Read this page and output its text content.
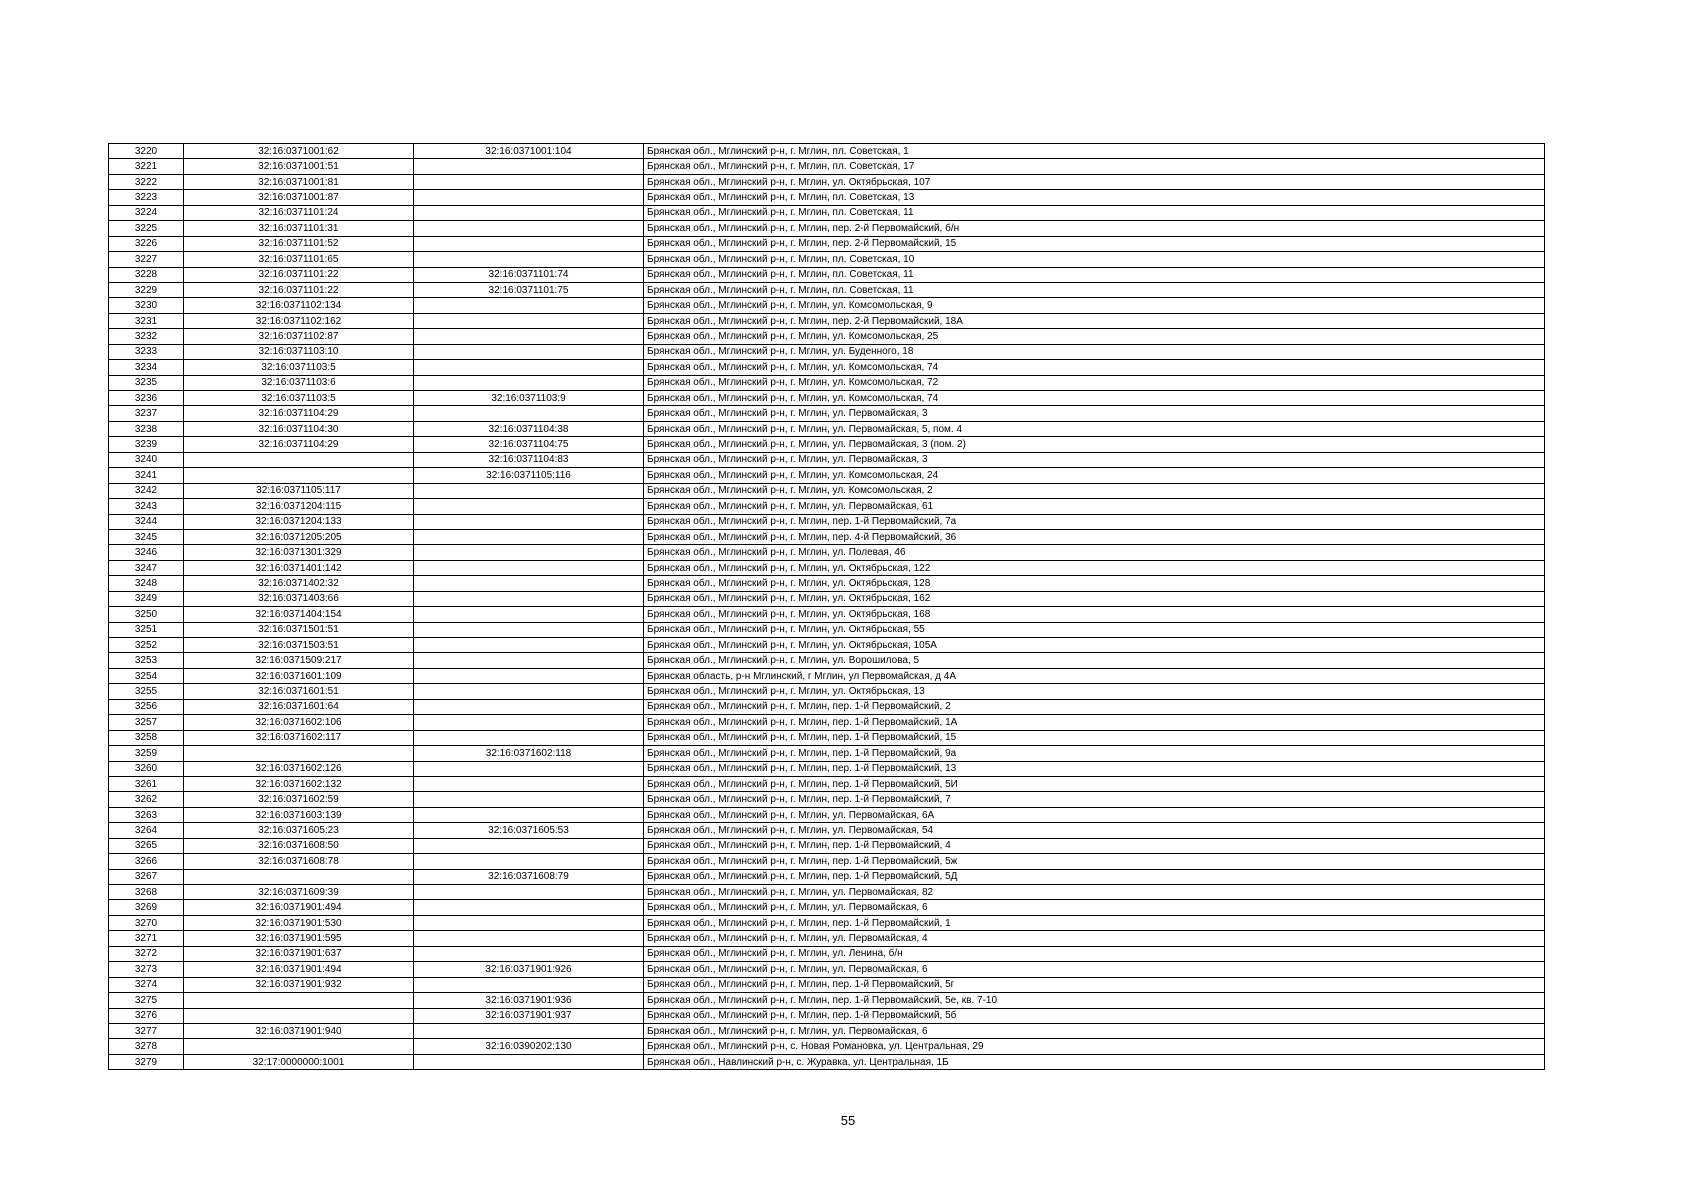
3220	32:16:0371001:62	32:16:0371001:104	Брянская обл., Мглинский р-н, г. Мглин, пл. Советская, 1
3221	32:16:0371001:51		Брянская обл., Мглинский р-н, г. Мглин, пл. Советская, 17
3222	32:16:0371001:81		Брянская обл., Мглинский р-н, г. Мглин, ул. Октябрьская, 107
3223	32:16:0371001:87		Брянская обл., Мглинский р-н, г. Мглин, пл. Советская, 13
3224	32:16:0371101:24		Брянская обл., Мглинский р-н, г. Мглин, пл. Советская, 11
3225	32:16:0371101:31		Брянская обл., Мглинский р-н, г. Мглин, пер. 2-й Первомайский, б/н
3226	32:16:0371101:52		Брянская обл., Мглинский р-н, г. Мглин, пер. 2-й Первомайский, 15
3227	32:16:0371101:65		Брянская обл., Мглинский р-н, г. Мглин, пл. Советская, 10
3228	32:16:0371101:22	32:16:0371101:74	Брянская обл., Мглинский р-н, г. Мглин, пл. Советская, 11
3229	32:16:0371101:22	32:16:0371101:75	Брянская обл., Мглинский р-н, г. Мглин, пл. Советская, 11
3230	32:16:0371102:134		Брянская обл., Мглинский р-н, г. Мглин, ул. Комсомольская, 9
3231	32:16:0371102:162		Брянская обл., Мглинский р-н, г. Мглин, пер. 2-й Первомайский, 18А
3232	32:16:0371102:87		Брянская обл., Мглинский р-н, г. Мглин, ул. Комсомольская, 25
3233	32:16:0371103:10		Брянская обл., Мглинский р-н, г. Мглин, ул. Буденного, 18
3234	32:16:0371103:5		Брянская обл., Мглинский р-н, г. Мглин, ул. Комсомольская, 74
3235	32:16:0371103:6		Брянская обл., Мглинский р-н, г. Мглин, ул. Комсомольская, 72
3236	32:16:0371103:5	32:16:0371103:9	Брянская обл., Мглинский р-н, г. Мглин, ул. Комсомольская, 74
3237	32:16:0371104:29		Брянская обл., Мглинский р-н, г. Мглин, ул. Первомайская, 3
3238	32:16:0371104:30	32:16:0371104:38	Брянская обл., Мглинский р-н, г. Мглин, ул. Первомайская, 5, пом. 4
3239	32:16:0371104:29	32:16:0371104:75	Брянская обл., Мглинский р-н, г. Мглин, ул. Первомайская, 3 (пом. 2)
3240		32:16:0371104:83	Брянская обл., Мглинский р-н, г. Мглин, ул. Первомайская, 3
3241		32:16:0371105:116	Брянская обл., Мглинский р-н, г. Мглин, ул. Комсомольская, 24
3242	32:16:0371105:117		Брянская обл., Мглинский р-н, г. Мглин, ул. Комсомольская, 2
3243	32:16:0371204:115		Брянская обл., Мглинский р-н, г. Мглин, ул. Первомайская, 61
3244	32:16:0371204:133		Брянская обл., Мглинский р-н, г. Мглин, пер. 1-й Первомайский, 7а
3245	32:16:0371205:205		Брянская обл., Мглинский р-н, г. Мглин, пер. 4-й Первомайский, 36
3246	32:16:0371301:329		Брянская обл., Мглинский р-н, г. Мглин, ул. Полевая, 46
3247	32:16:0371401:142		Брянская обл., Мглинский р-н, г. Мглин, ул. Октябрьская, 122
3248	32:16:0371402:32		Брянская обл., Мглинский р-н, г. Мглин, ул. Октябрьская, 128
3249	32:16:0371403:66		Брянская обл., Мглинский р-н, г. Мглин, ул. Октябрьская, 162
3250	32:16:0371404:154		Брянская обл., Мглинский р-н, г. Мглин, ул. Октябрьская, 168
3251	32:16:0371501:51		Брянская обл., Мглинский р-н, г. Мглин, ул. Октябрьская, 55
3252	32:16:0371503:51		Брянская обл., Мглинский р-н, г. Мглин, ул. Октябрьская, 105А
3253	32:16:0371509:217		Брянская обл., Мглинский р-н, г. Мглин, ул. Ворошилова, 5
3254	32:16:0371601:109		Брянская область, р-н Мглинский, г Мглин, ул Первомайская, д 4А
3255	32:16:0371601:51		Брянская обл., Мглинский р-н, г. Мглин, ул. Октябрьская, 13
3256	32:16:0371601:64		Брянская обл., Мглинский р-н, г. Мглин, пер. 1-й Первомайский, 2
3257	32:16:0371602:106		Брянская обл., Мглинский р-н, г. Мглин, пер. 1-й Первомайский, 1А
3258	32:16:0371602:117		Брянская обл., Мглинский р-н, г. Мглин, пер. 1-й Первомайский, 15
3259		32:16:0371602:118	Брянская обл., Мглинский р-н, г. Мглин, пер. 1-й Первомайский, 9а
3260	32:16:0371602:126		Брянская обл., Мглинский р-н, г. Мглин, пер. 1-й Первомайский, 13
3261	32:16:0371602:132		Брянская обл., Мглинский р-н, г. Мглин, пер. 1-й Первомайский, 5И
3262	32:16:0371602:59		Брянская обл., Мглинский р-н, г. Мглин, пер. 1-й Первомайский, 7
3263	32:16:0371603:139		Брянская обл., Мглинский р-н, г. Мглин, ул. Первомайская, 6А
3264	32:16:0371605:23	32:16:0371605:53	Брянская обл., Мглинский р-н, г. Мглин, ул. Первомайская, 54
3265	32:16:0371608:50		Брянская обл., Мглинский р-н, г. Мглин, пер. 1-й Первомайский, 4
3266	32:16:0371608:78		Брянская обл., Мглинский р-н, г. Мглин, пер. 1-й Первомайский, 5ж
3267		32:16:0371608:79	Брянская обл., Мглинский р-н, г. Мглин, пер. 1-й Первомайский, 5Д
3268	32:16:0371609:39		Брянская обл., Мглинский р-н, г. Мглин, ул. Первомайская, 82
3269	32:16:0371901:494		Брянская обл., Мглинский р-н, г. Мглин, ул. Первомайская, 6
3270	32:16:0371901:530		Брянская обл., Мглинский р-н, г. Мглин, пер. 1-й Первомайский, 1
3271	32:16:0371901:595		Брянская обл., Мглинский р-н, г. Мглин, ул. Первомайская, 4
3272	32:16:0371901:637		Брянская обл., Мглинский р-н, г. Мглин, ул. Ленина, б/н
3273	32:16:0371901:494	32:16:0371901:926	Брянская обл., Мглинский р-н, г. Мглин, ул. Первомайская, 6
3274	32:16:0371901:932		Брянская обл., Мглинский р-н, г. Мглин, пер. 1-й Первомайский, 5г
3275		32:16:0371901:936	Брянская обл., Мглинский р-н, г. Мглин, пер. 1-й Первомайский, 5е, кв. 7-10
3276		32:16:0371901:937	Брянская обл., Мглинский р-н, г. Мглин, пер. 1-й Первомайский, 5б
3277	32:16:0371901:940		Брянская обл., Мглинский р-н, г. Мглин, ул. Первомайская, 6
3278		32:16:0390202:130	Брянская обл., Мглинский р-н, с. Новая Романовка, ул. Центральная, 29
3279	32:17:0000000:1001		Брянская обл., Навлинский р-н, с. Журавка, ул. Центральная, 1Б
55
